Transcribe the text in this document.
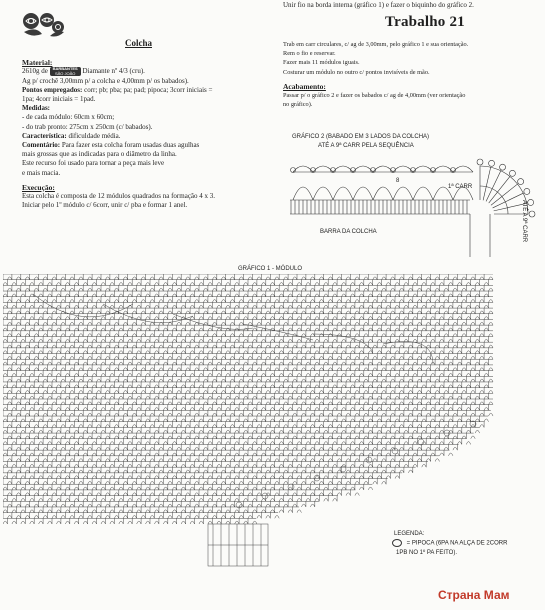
Unir fio na borda interna (gráfico 1) e fazer o biquinho do gráfico 2.
Trabalho 21
Colcha
Material:
2610g de BARBANTES
SÃO JOÃO	Diamante nº 4/3 (cru).
Ag p/ crochê 3,00mm p/ a colcha e 4,00mm p/ os babados).
Pontos empregados: corr; pb; pba; pa; pad; pipoca; 3corr iniciais =
1pa; 4corr iniciais = 1pad.
Medidas:
- de cada módulo: 60cm x 60cm;
- do trab pronto: 275cm x 250cm (c/ babados).
Característica: dificuldade média.
Comentário: Para fazer esta colcha foram usadas duas agulhas
mais grossas que as indicadas para o diâmetro da linha.
Este recurso foi usado para tornar a peça mais leve
e mais macia.
Execução:
Esta colcha é composta de 12 módulos quadrados na formação 4 x 3.
Iniciar pelo 1º módulo c/ 6corr, unir c/ pba e formar 1 anel.
Trab em carr circulares, c/ ag de 3,00mm, pelo gráfico 1 e sua orientação.
Rem o fio e reservar.
Fazer mais 11 módulos iguais.
Costurar um módulo no outro c/ pontos invisíveis de mão.
Acabamento:
Passar p/ o gráfico 2 e fazer os babados c/ ag de 4,00mm (ver orientação
no gráfico).
GRÁFICO 2 (BABADO EM 3 LADOS DA COLCHA)
ATÉ A 9ª CARR PELA SEQUÊNCIA
8
1ª CARR
BARRA DA COLCHA	ATÉ A 9ª CARR
GRÁFICO 1 - MÓDULO
LEGENDA:
= PIPOCA (6PA NA ALÇA DE 2CORR
1PB NO 1º PA FEITO).
Страна Мам
